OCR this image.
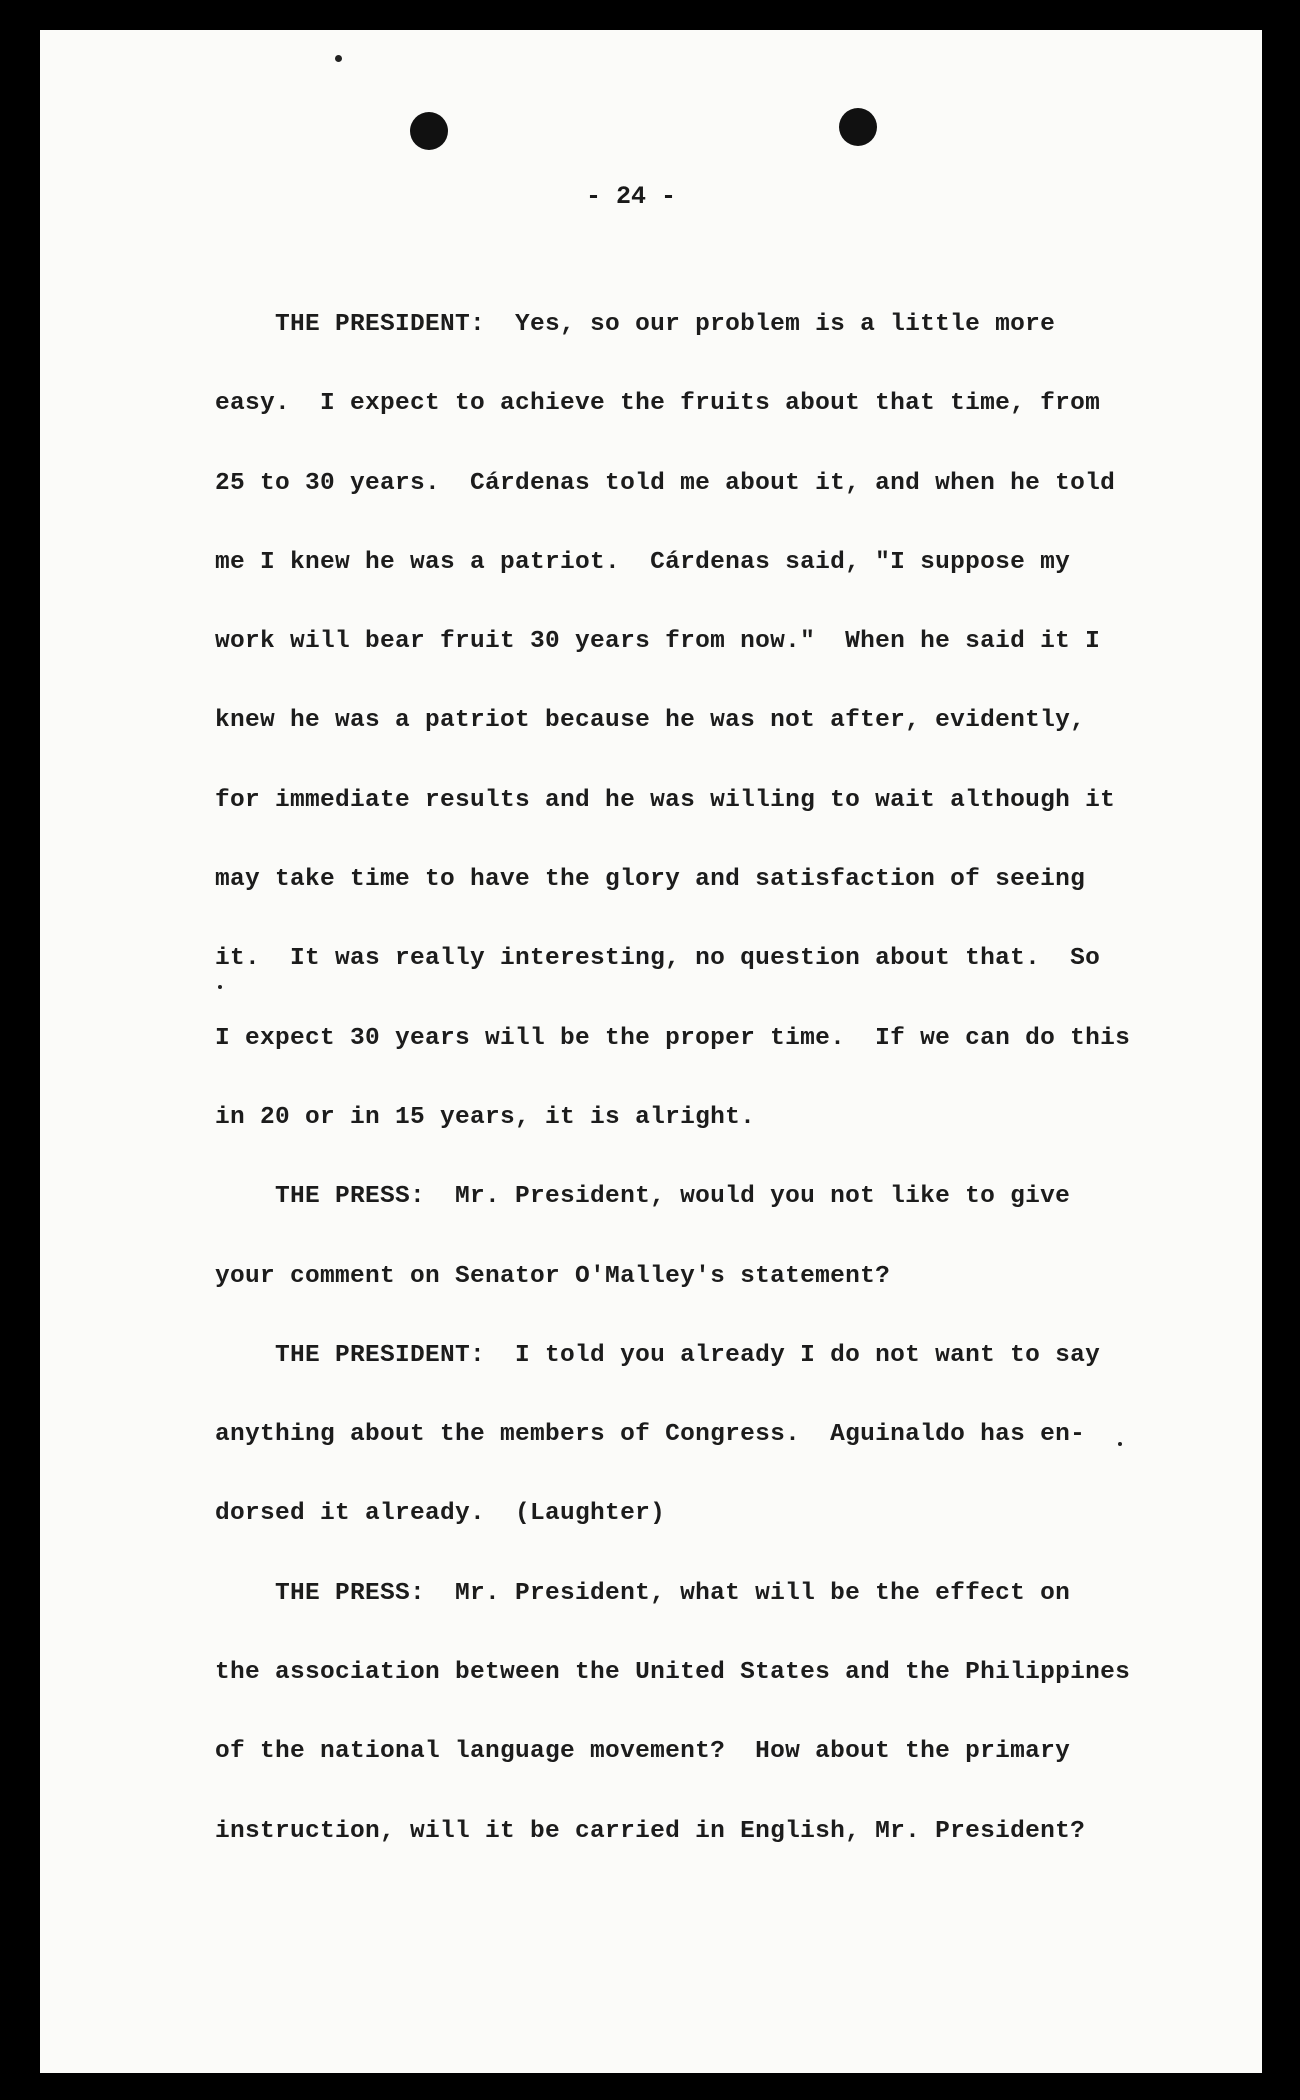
- 24 -
THE PRESIDENT:  Yes, so our problem is a little more
easy.  I expect to achieve the fruits about that time, from
25 to 30 years.  Cárdenas told me about it, and when he told
me I knew he was a patriot.  Cárdenas said, "I suppose my
work will bear fruit 30 years from now."  When he said it I
knew he was a patriot because he was not after, evidently,
for immediate results and he was willing to wait although it
may take time to have the glory and satisfaction of seeing
it.  It was really interesting, no question about that.  So
I expect 30 years will be the proper time.  If we can do this
in 20 or in 15 years, it is alright.
THE PRESS:  Mr. President, would you not like to give
your comment on Senator O'Malley's statement?
THE PRESIDENT:  I told you already I do not want to say
anything about the members of Congress.  Aguinaldo has en-
dorsed it already.  (Laughter)
THE PRESS:  Mr. President, what will be the effect on
the association between the United States and the Philippines
of the national language movement?  How about the primary
instruction, will it be carried in English, Mr. President?
